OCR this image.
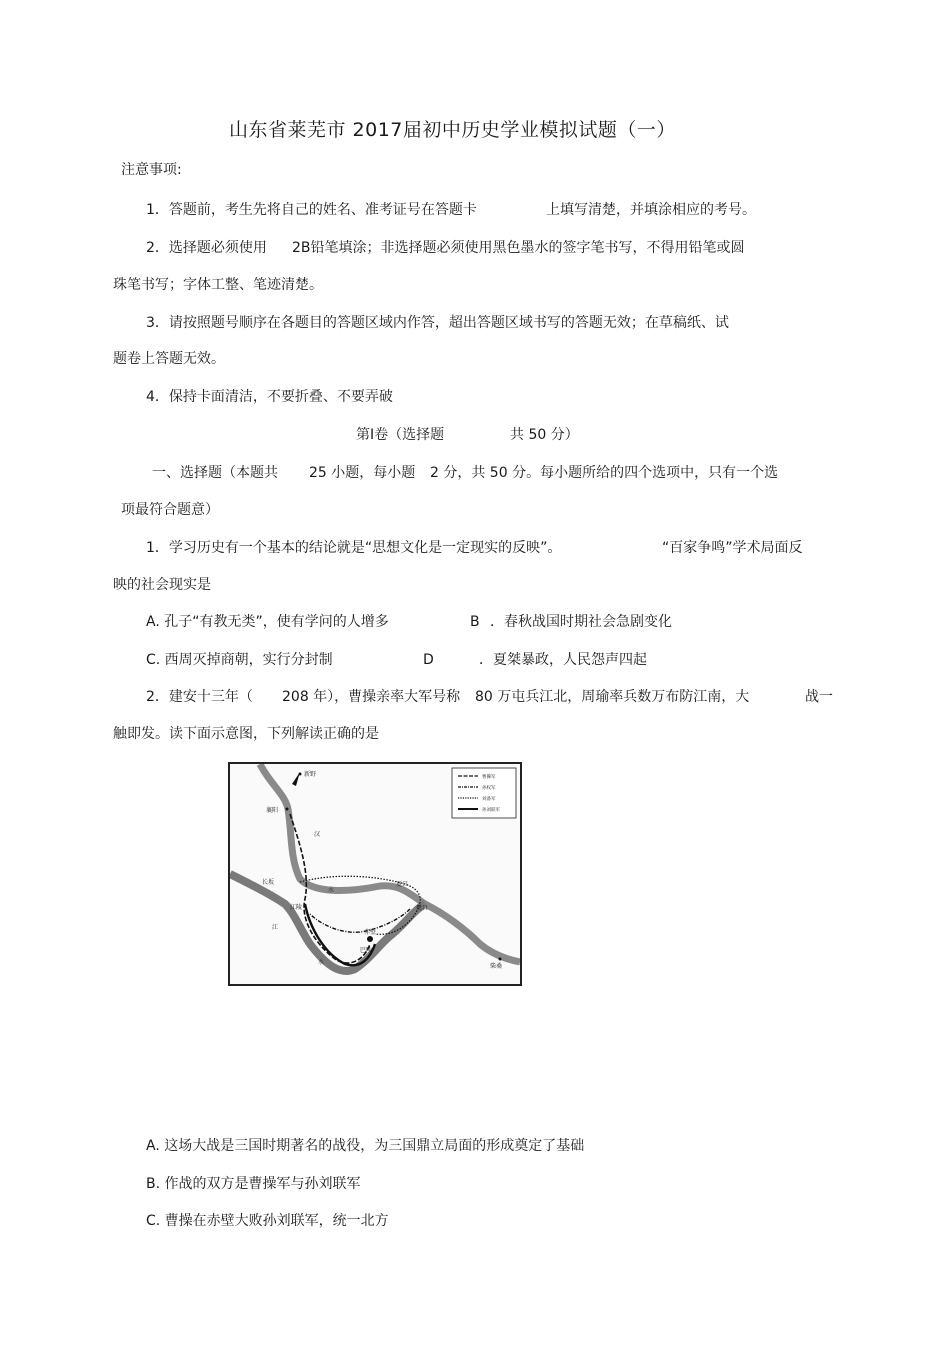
山东省莱芜市 2017届初中历史学业模拟试题（一）
注意事项:
1．答题前，考生先将自己的姓名、准考证号在答题卡	上填写清楚，并填涂相应的考号。
2．选择题必须使用 2B铅笔填涂；非选择题必须使用黑色墨水的签字笔书写，不得用铅笔或圆
珠笔书写；字体工整、笔迹清楚。
3．请按照题号顺序在各题目的答题区域内作答，超出答题区域书写的答题无效；在草稿纸、试
题卷上答题无效。
4．保持卡面清洁，不要折叠、不要弄破
第Ⅰ卷（选择题	共 50 分）
一、选择题（本题共 25 小题，每小题 2 分，共 50 分。每小题所给的四个选项中，只有一个选
项最符合题意）
1．学习历史有一个基本的结论就是“思想文化是一定现实的反映”。	“百家争鸣”学术局面反
映的社会现实是
A. 孔子“有教无类”，使有学问的人增多	B ．春秋战国时期社会急剧变化
C. 西周灭掉商朝，实行分封制	D	．夏桀暴政，人民怨声四起
2．建安十三年（ 208 年），曹操亲率大军号称 80 万屯兵江北，周瑜率兵数万布防江南，大	战一
触即发。读下面示意图，下列解读正确的是
曹操军
孙权军
刘备军
孙刘联军
新野
襄阳
汉
长坂
江陵
水
夏口
樊口
江
水
赤壁
巴陵
柴桑
A. 这场大战是三国时期著名的战役，为三国鼎立局面的形成奠定了基础
B. 作战的双方是曹操军与孙刘联军
C. 曹操在赤壁大败孙刘联军，统一北方
